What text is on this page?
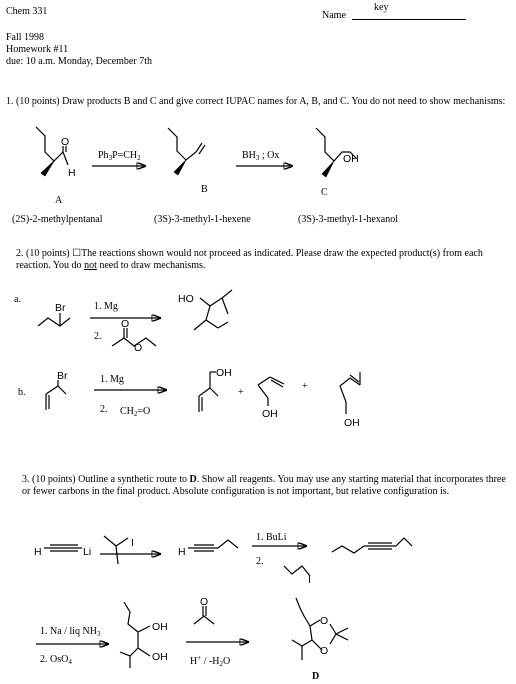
Chem 331	key
Name
Fall 1998
Homework #11
due: 10 a.m. Monday, December 7th
1. (10 points) Draw products B and C and give correct IUPAC names for A, B, and C. You do not need to show mechanisms:
(2S)-2-methylpentanal	(3S)-3-methyl-1-hexene	(3S)-3-methyl-1-hexanol
2. (10 points) ☐The reactions shown would not proceed as indicated. Please draw the expected product(s) from each reaction. You do not need to draw mechanisms.
3. (10 points) Outline a synthetic route to D. Show all reagents. You may use any starting material that incorporates three or fewer carbons in the final product. Absolute configuration is not important, but relative configuration is.
O
H
A
$Ph_3P=CH_2$
B
$BH_3$ ; Ox	OH
C
a.
Br	1. Mg
2.
O
O
HO
b.
Br	1. Mg
2. $CH_2=O$
OH
+
OH
+
OH
H	Li
I
H
1. BuLi
2.
I
1. Na / liq $NH_3$
2. OsO$_4$
OH
OH
O
$H^+ / -H_2O$
O
O
D
